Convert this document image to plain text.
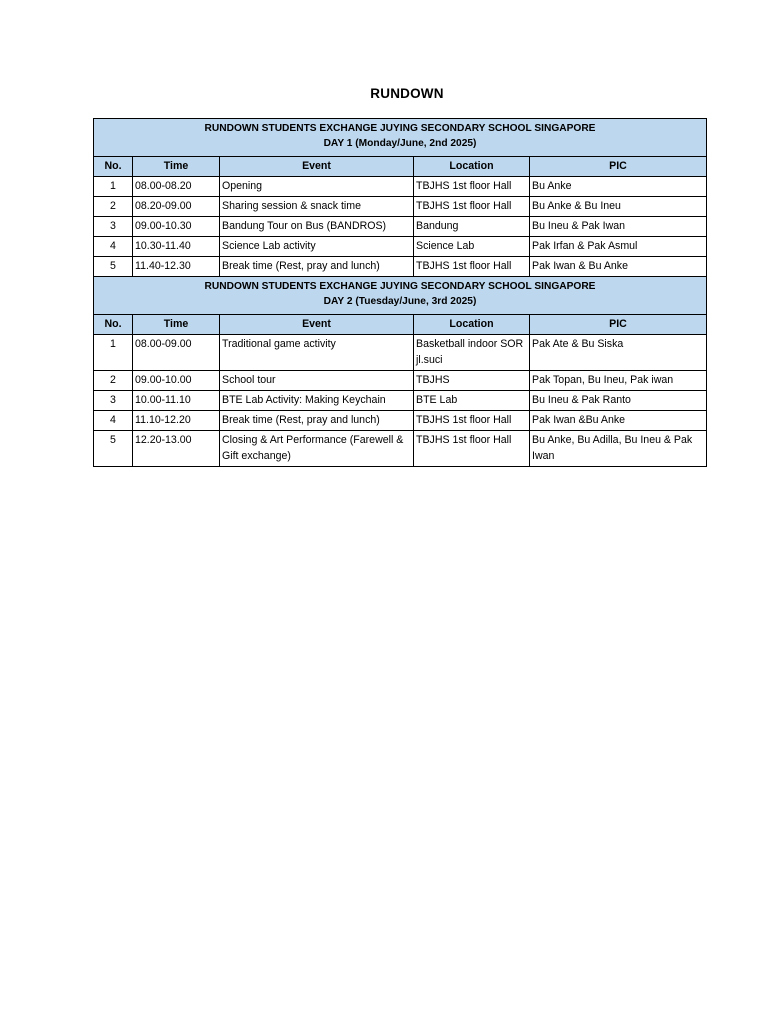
RUNDOWN
RUNDOWN STUDENTS EXCHANGE JUYING SECONDARY SCHOOL SINGAPORE
DAY 1 (Monday/June, 2nd 2025)				

No.	Time	Event	Location	PIC
1	08.00-08.20	Opening	TBJHS 1st floor Hall	Bu Anke
2	08.20-09.00	Sharing session & snack time	TBJHS 1st floor Hall	Bu Anke & Bu Ineu
3	09.00-10.30	Bandung Tour on Bus (BANDROS)	Bandung	Bu Ineu & Pak Iwan
4	10.30-11.40	Science Lab activity	Science Lab	Pak Irfan & Pak Asmul
5	11.40-12.30	Break time (Rest, pray and lunch)	TBJHS 1st floor Hall	Pak Iwan & Bu Anke

RUNDOWN STUDENTS EXCHANGE JUYING SECONDARY SCHOOL SINGAPORE
DAY 2 (Tuesday/June, 3rd 2025)				

No.	Time	Event	Location	PIC
1	08.00-09.00	Traditional game activity	Basketball indoor SOR jl.suci	Pak Ate & Bu Siska
2	09.00-10.00	School tour	TBJHS	Pak Topan, Bu Ineu, Pak iwan
3	10.00-11.10	BTE Lab Activity: Making Keychain	BTE Lab	Bu Ineu & Pak Ranto
4	11.10-12.20	Break time (Rest, pray and lunch)	TBJHS 1st floor Hall	Pak Iwan &Bu Anke
5	12.20-13.00	Closing & Art Performance (Farewell & Gift exchange)	TBJHS 1st floor Hall	Bu Anke, Bu Adilla, Bu Ineu & Pak Iwan
